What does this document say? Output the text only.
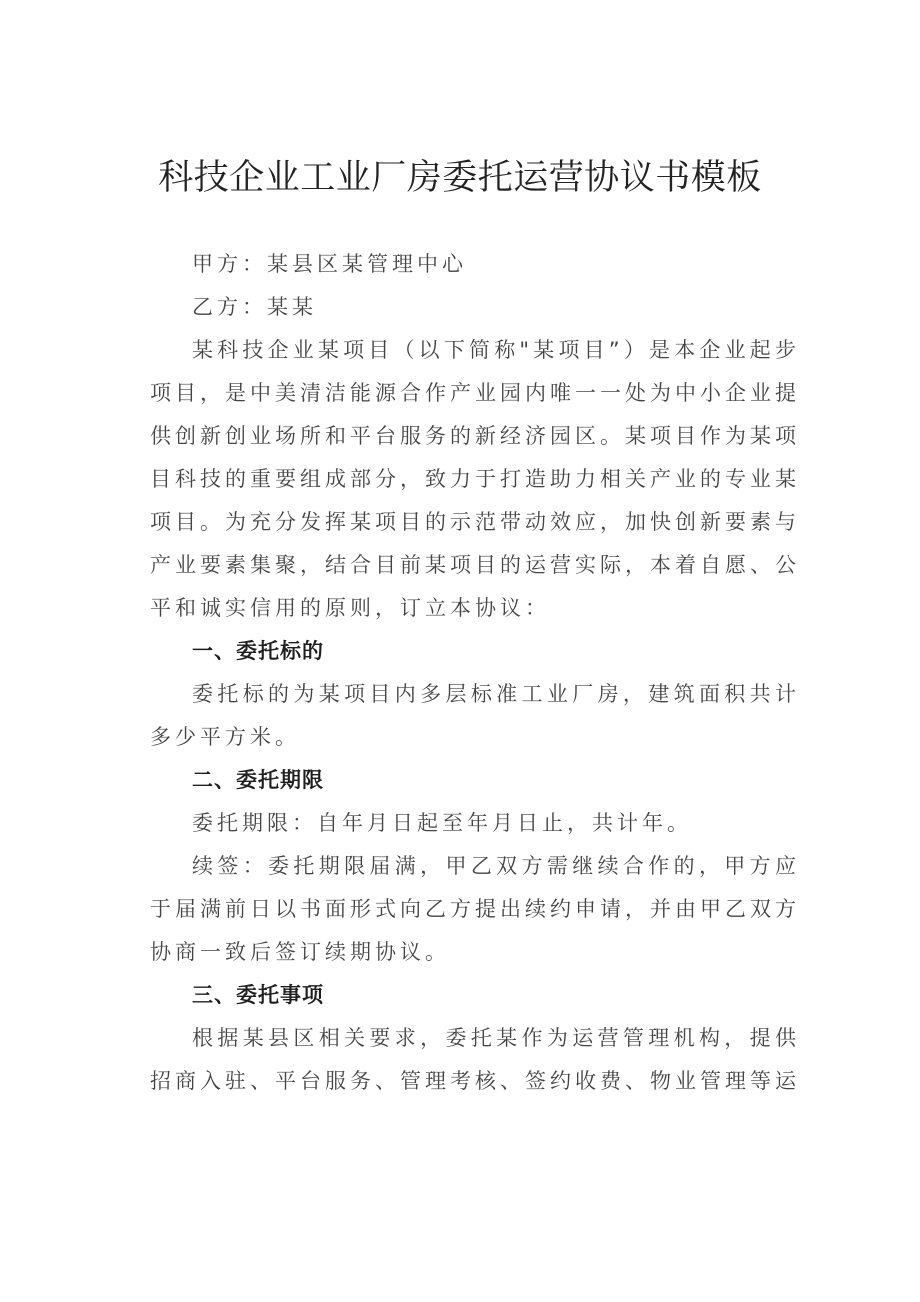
科技企业工业厂房委托运营协议书模板

甲方：某县区某管理中心

乙方：某某

某科技企业某项目（以下简称"某项目”）是本企业起步项目，是中美清洁能源合作产业园内唯一一处为中小企业提供创新创业场所和平台服务的新经济园区。某项目作为某项目科技的重要组成部分，致力于打造助力相关产业的专业某项目。为充分发挥某项目的示范带动效应，加快创新要素与产业要素集聚，结合目前某项目的运营实际，本着自愿、公平和诚实信用的原则，订立本协议：

一、委托标的

委托标的为某项目内多层标准工业厂房，建筑面积共计多少平方米。

二、委托期限

委托期限：自年月日起至年月日止，共计年。

续签：委托期限届满，甲乙双方需继续合作的，甲方应于届满前日以书面形式向乙方提出续约申请，并由甲乙双方协商一致后签订续期协议。

三、委托事项

根据某县区相关要求，委托某作为运营管理机构，提供招商入驻、平台服务、管理考核、签约收费、物业管理等运
